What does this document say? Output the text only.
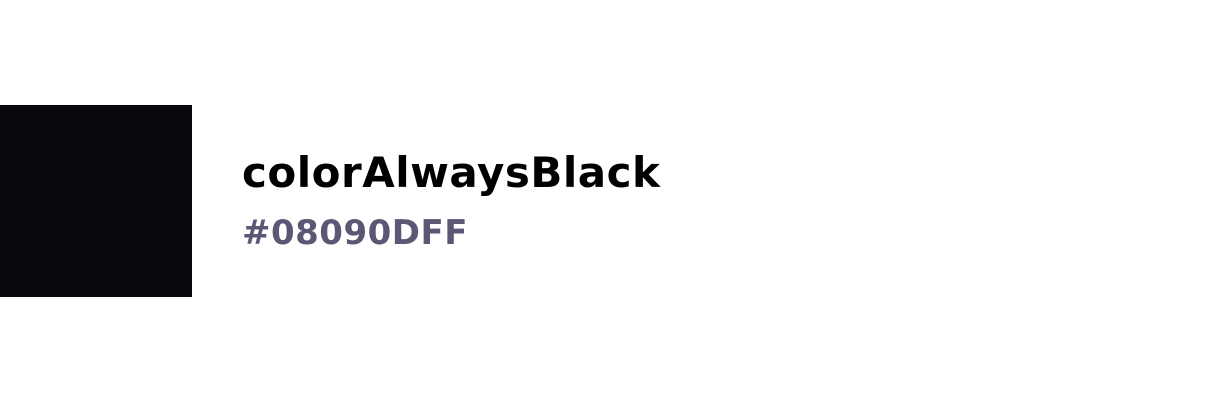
colorAlwaysBlack
#08090DFF
